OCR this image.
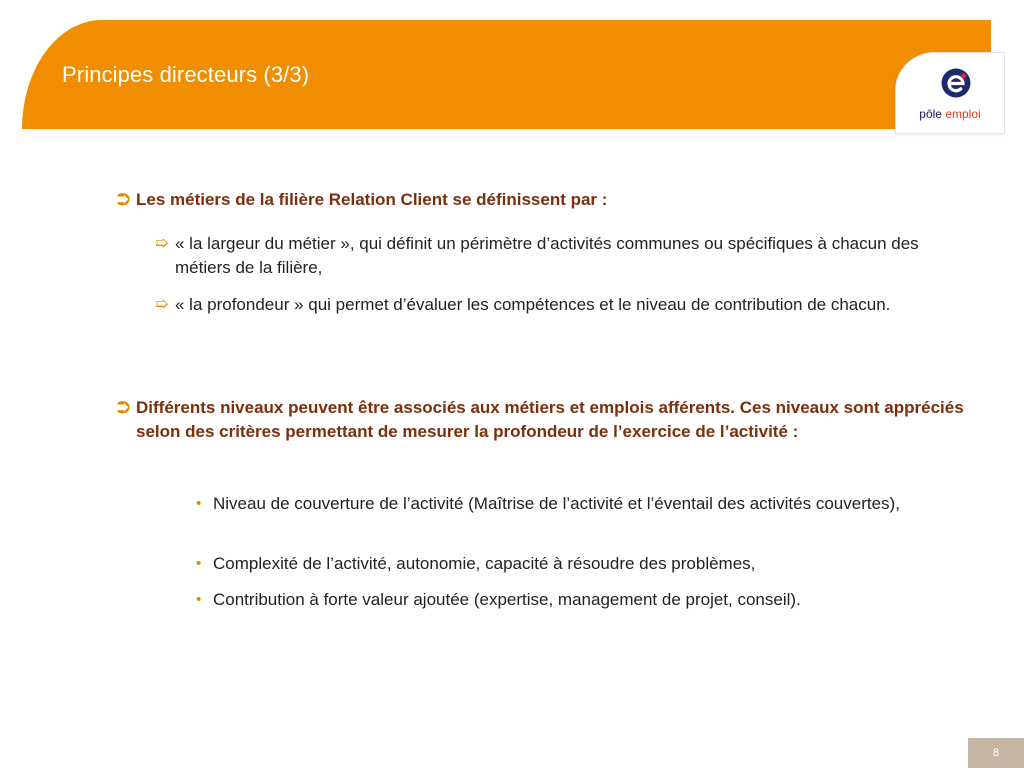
Principes directeurs (3/3)
pôle emploi
⮊ Les métiers de la filière Relation Client se définissent par :
➯ « la largeur du métier », qui définit un périmètre d’activités communes ou spécifiques à chacun des métiers de la filière,
➯ « la profondeur » qui permet d’évaluer les compétences et le niveau de contribution de chacun.
⮊ Différents niveaux peuvent être associés aux métiers et emplois afférents. Ces niveaux sont appréciés selon des critères permettant de mesurer la profondeur de l’exercice de l’activité :
• Niveau de couverture de l’activité (Maîtrise de l’activité et l’éventail des activités couvertes),
• Complexité de l’activité, autonomie, capacité à résoudre des problèmes,
• Contribution à forte valeur ajoutée (expertise, management de projet, conseil).
8
